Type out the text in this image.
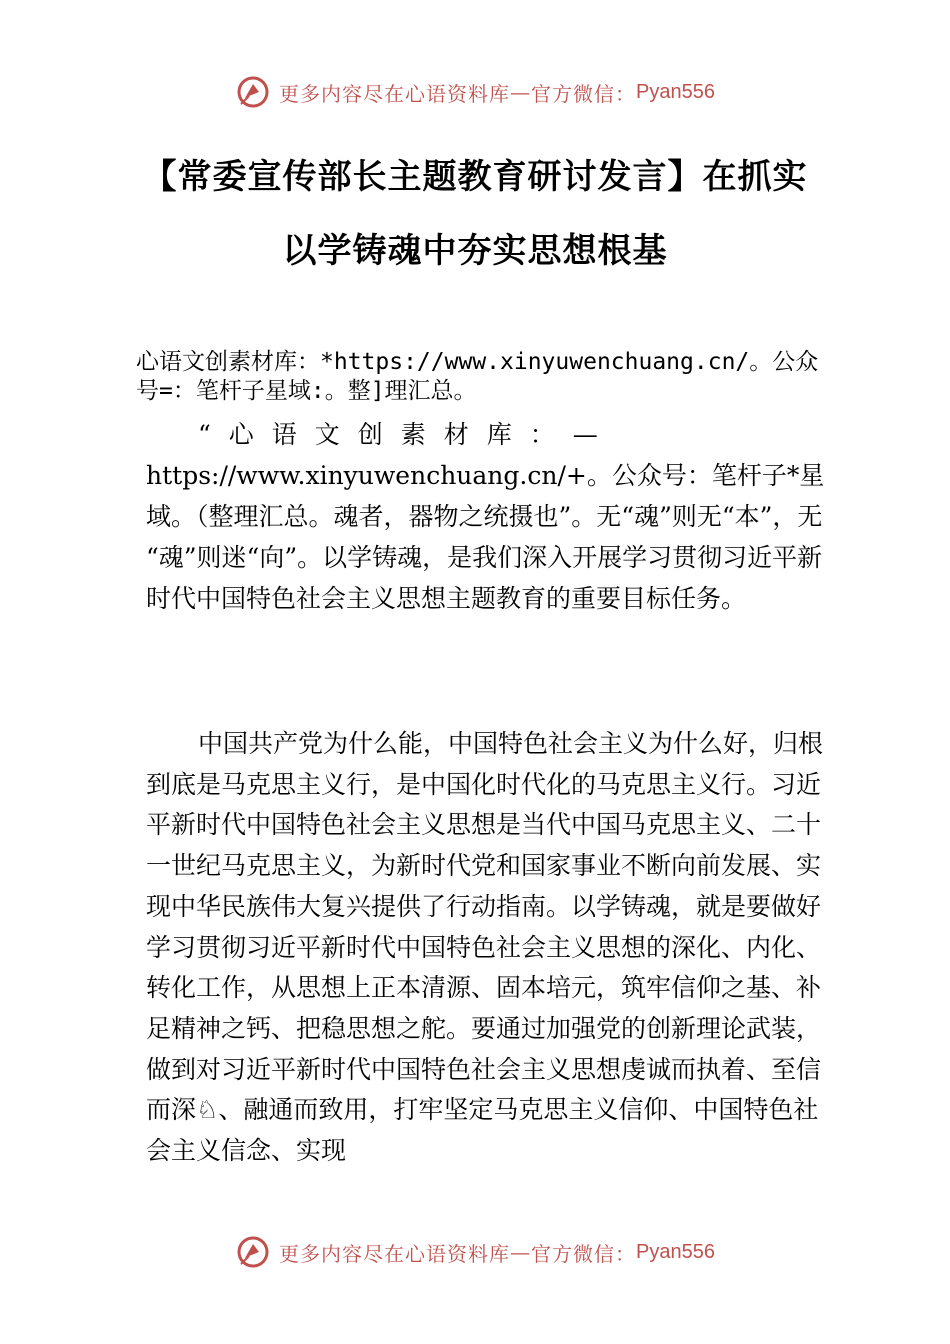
更多内容尽在心语资料库 — 官方微信： Pyan556
【常委宣传部长主题教育研讨发言】在抓实
以学铸魂中夯实思想根基

心语文创素材库：*https://www.xinyuwenchuang.cn/。公众号=：笔杆子星域:。整]理汇总。

“心语文创素材库：—https://www.xinyuwenchuang.cn/+。公众号：笔杆子*星域。（整理汇总。魂者，器物之统摄也”。无“魂”则无“本”，无 “魂”则迷“向”。以学铸魂，是我们深入开展学习贯彻习近平新时代中国特色社会主义思想主题教育的重要目标任务。

中国共产党为什么能，中国特色社会主义为什么好，归根到底是马克思主义行，是中国化时代化的马克思主义行。习近平新时代中国特色社会主义思想是当代中国马克思主义、二十一世纪马克思主义，为新时代党和国家事业不断向前发展、实现中华民族伟大复兴提供了行动指南。以学铸魂，就是要做好学习贯彻习近平新时代中国特色社会主义思想的深化、内化、转化工作，从思想上正本清源、固本培元，筑牢信仰之基、补足精神之钙、把稳思想之舵。要通过加强党的创新理论武装，做到对习近平新时代中国特色社会主义思想虔诚而执着、至信而深♘、融通而致用，打牢坚定马克思主义信仰、中国特色社会主义信念、实现

更多内容尽在心语资料库 — 官方微信： Pyan556
